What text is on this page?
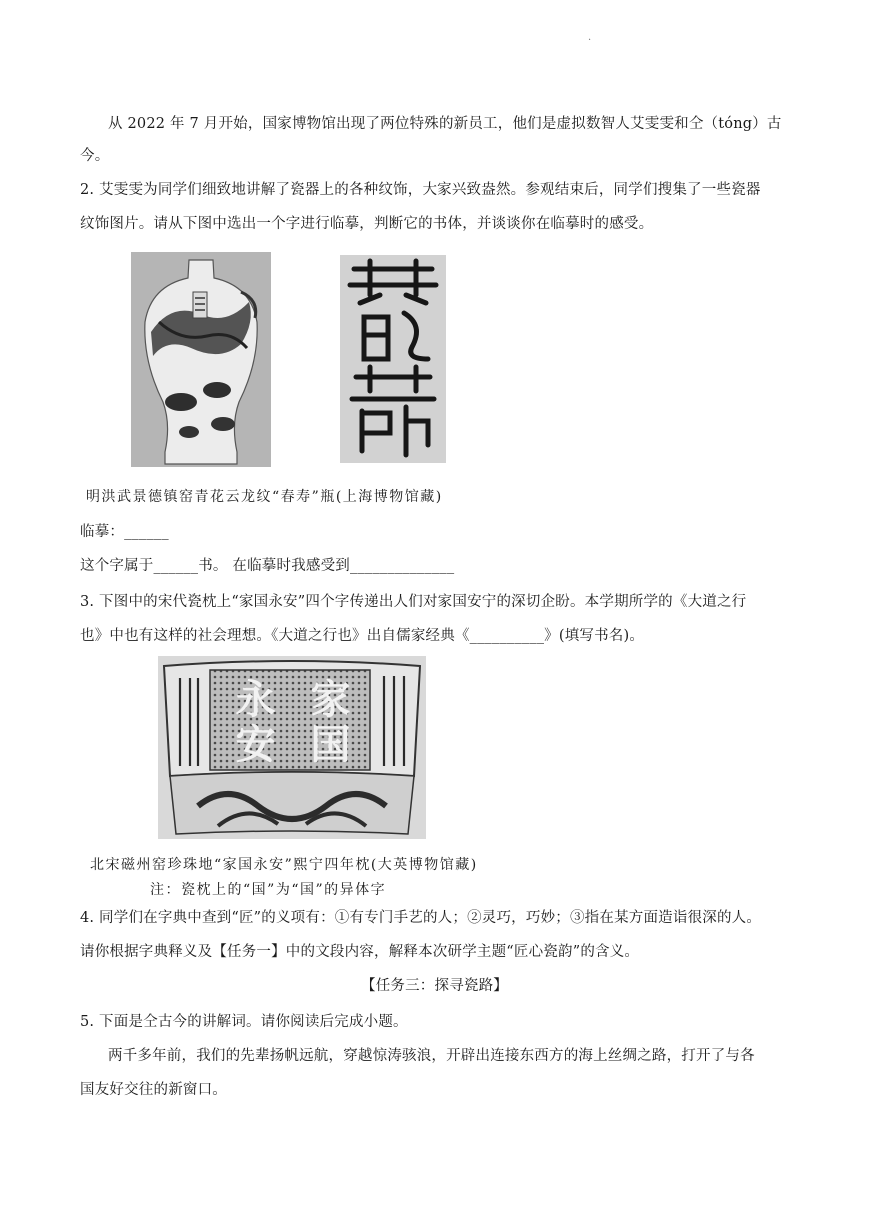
.
从 2022 年 7 月开始，国家博物馆出现了两位特殊的新员工，他们是虚拟数智人艾雯雯和仝（tóng）古
今。
2. 艾雯雯为同学们细致地讲解了瓷器上的各种纹饰，大家兴致盎然。参观结束后，同学们搜集了一些瓷器
纹饰图片。请从下图中选出一个字进行临摹，判断它的书体，并谈谈你在临摹时的感受。
明洪武景德镇窑青花云龙纹“春寿”瓶(上海博物馆藏)
临摹：______
这个字属于______书。 在临摹时我感受到______________
3. 下图中的宋代瓷枕上“家国永安”四个字传递出人们对家国安宁的深切企盼。本学期所学的《大道之行
也》中也有这样的社会理想。《大道之行也》出自儒家经典《__________》(填写书名)。
永 家
安 国
北宋磁州窑珍珠地“家国永安”熙宁四年枕(大英博物馆藏)
注：瓷枕上的“国”为“国”的异体字
4. 同学们在字典中查到“匠”的义项有：①有专门手艺的人；②灵巧，巧妙；③指在某方面造诣很深的人。
请你根据字典释义及【任务一】中的文段内容，解释本次研学主题“匠心瓷韵”的含义。
【任务三：探寻瓷路】
5. 下面是仝古今的讲解词。请你阅读后完成小题。
两千多年前，我们的先辈扬帆远航，穿越惊涛骇浪，开辟出连接东西方的海上丝绸之路，打开了与各
国友好交往的新窗口。
